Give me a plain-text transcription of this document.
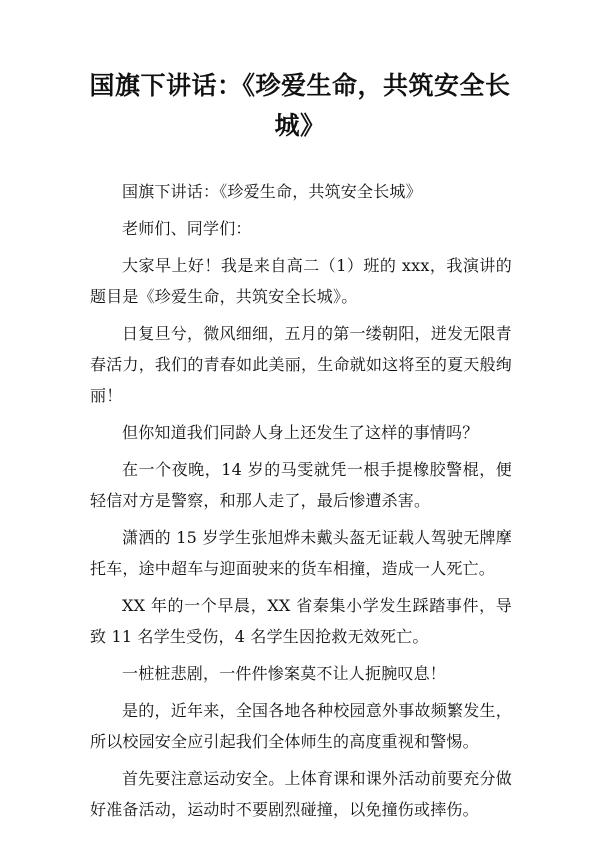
国旗下讲话：《珍爱生命，共筑安全长城》

国旗下讲话：《珍爱生命，共筑安全长城》

老师们、同学们：

大家早上好！我是来自高二（1）班的 xxx，我演讲的题目是《珍爱生命，共筑安全长城》。

日复旦兮，微风细细，五月的第一缕朝阳，迸发无限青春活力，我们的青春如此美丽，生命就如这将至的夏天般绚丽！

但你知道我们同龄人身上还发生了这样的事情吗？

在一个夜晚，14 岁的马雯就凭一根手提橡胶警棍，便轻信对方是警察，和那人走了，最后惨遭杀害。

潇洒的 15 岁学生张旭烨未戴头盔无证载人驾驶无牌摩托车，途中超车与迎面驶来的货车相撞，造成一人死亡。

XX 年的一个早晨，XX 省秦集小学发生踩踏事件，导致 11 名学生受伤，4 名学生因抢救无效死亡。

一桩桩悲剧，一件件惨案莫不让人扼腕叹息！

是的，近年来，全国各地各种校园意外事故频繁发生，所以校园安全应引起我们全体师生的高度重视和警惕。

首先要注意运动安全。上体育课和课外活动前要充分做好准备活动，运动时不要剧烈碰撞，以免撞伤或摔伤。
